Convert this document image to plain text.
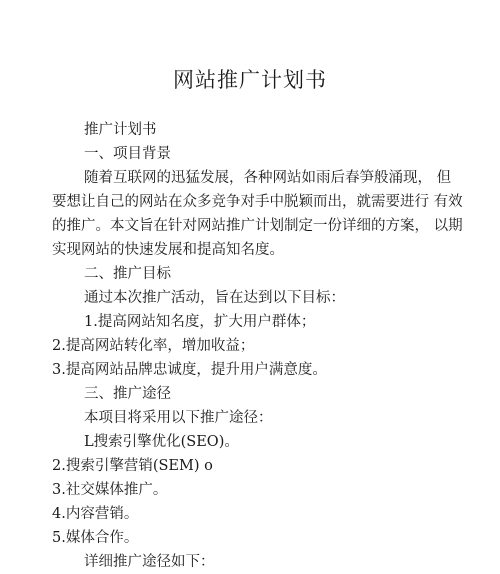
网站推广计划书
推广计划书
一、项目背景
随着互联网的迅猛发展，各种网站如雨后春笋般涌现， 但
要想让自己的网站在众多竞争对手中脱颖而出，就需要进行 有效
的推广。本文旨在针对网站推广计划制定一份详细的方案， 以期
实现网站的快速发展和提高知名度。
二、推广目标
通过本次推广活动，旨在达到以下目标：
1.提高网站知名度，扩大用户群体；
2.提高网站转化率，增加收益；
3.提高网站品牌忠诚度，提升用户满意度。
三、推广途径
本项目将采用以下推广途径：
L搜索引擎优化(SEO)。
2.搜索引擎营销(SEM) o
3.社交媒体推广。
4.内容营销。
5.媒体合作。
详细推广途径如下：
